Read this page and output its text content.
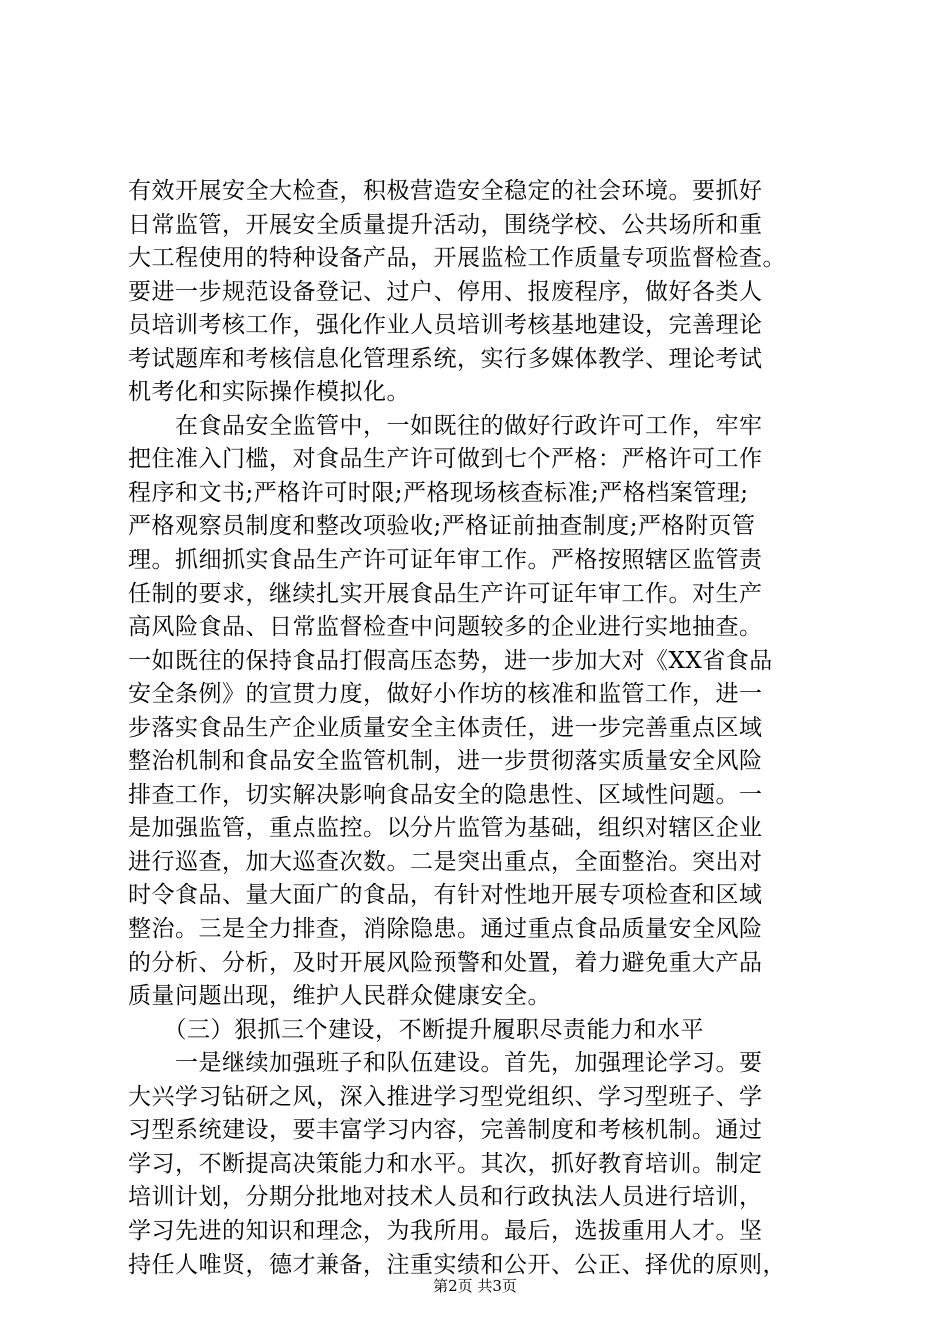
有效开展安全大检查，积极营造安全稳定的社会环境。要抓好
日常监管，开展安全质量提升活动，围绕学校、公共场所和重
大工程使用的特种设备产品，开展监检工作质量专项监督检查。
要进一步规范设备登记、过户、停用、报废程序，做好各类人
员培训考核工作，强化作业人员培训考核基地建设，完善理论
考试题库和考核信息化管理系统，实行多媒体教学、理论考试
机考化和实际操作模拟化。
　　在食品安全监管中，一如既往的做好行政许可工作，牢牢
把住准入门槛，对食品生产许可做到七个严格：严格许可工作
程序和文书;严格许可时限;严格现场核查标准;严格档案管理;
严格观察员制度和整改项验收;严格证前抽查制度;严格附页管
理。抓细抓实食品生产许可证年审工作。严格按照辖区监管责
任制的要求，继续扎实开展食品生产许可证年审工作。对生产
高风险食品、日常监督检查中问题较多的企业进行实地抽查。
一如既往的保持食品打假高压态势，进一步加大对《XX省食品
安全条例》的宣贯力度，做好小作坊的核准和监管工作，进一
步落实食品生产企业质量安全主体责任，进一步完善重点区域
整治机制和食品安全监管机制，进一步贯彻落实质量安全风险
排查工作，切实解决影响食品安全的隐患性、区域性问题。一
是加强监管，重点监控。以分片监管为基础，组织对辖区企业
进行巡查，加大巡查次数。二是突出重点，全面整治。突出对
时令食品、量大面广的食品，有针对性地开展专项检查和区域
整治。三是全力排查，消除隐患。通过重点食品质量安全风险
的分析、分析，及时开展风险预警和处置，着力避免重大产品
质量问题出现，维护人民群众健康安全。
　　（三）狠抓三个建设，不断提升履职尽责能力和水平
　　一是继续加强班子和队伍建设。首先，加强理论学习。要
大兴学习钻研之风，深入推进学习型党组织、学习型班子、学
习型系统建设，要丰富学习内容，完善制度和考核机制。通过
学习，不断提高决策能力和水平。其次，抓好教育培训。制定
培训计划，分期分批地对技术人员和行政执法人员进行培训，
学习先进的知识和理念，为我所用。最后，选拔重用人才。坚
持任人唯贤，德才兼备，注重实绩和公开、公正、择优的原则，
第2页 共3页
